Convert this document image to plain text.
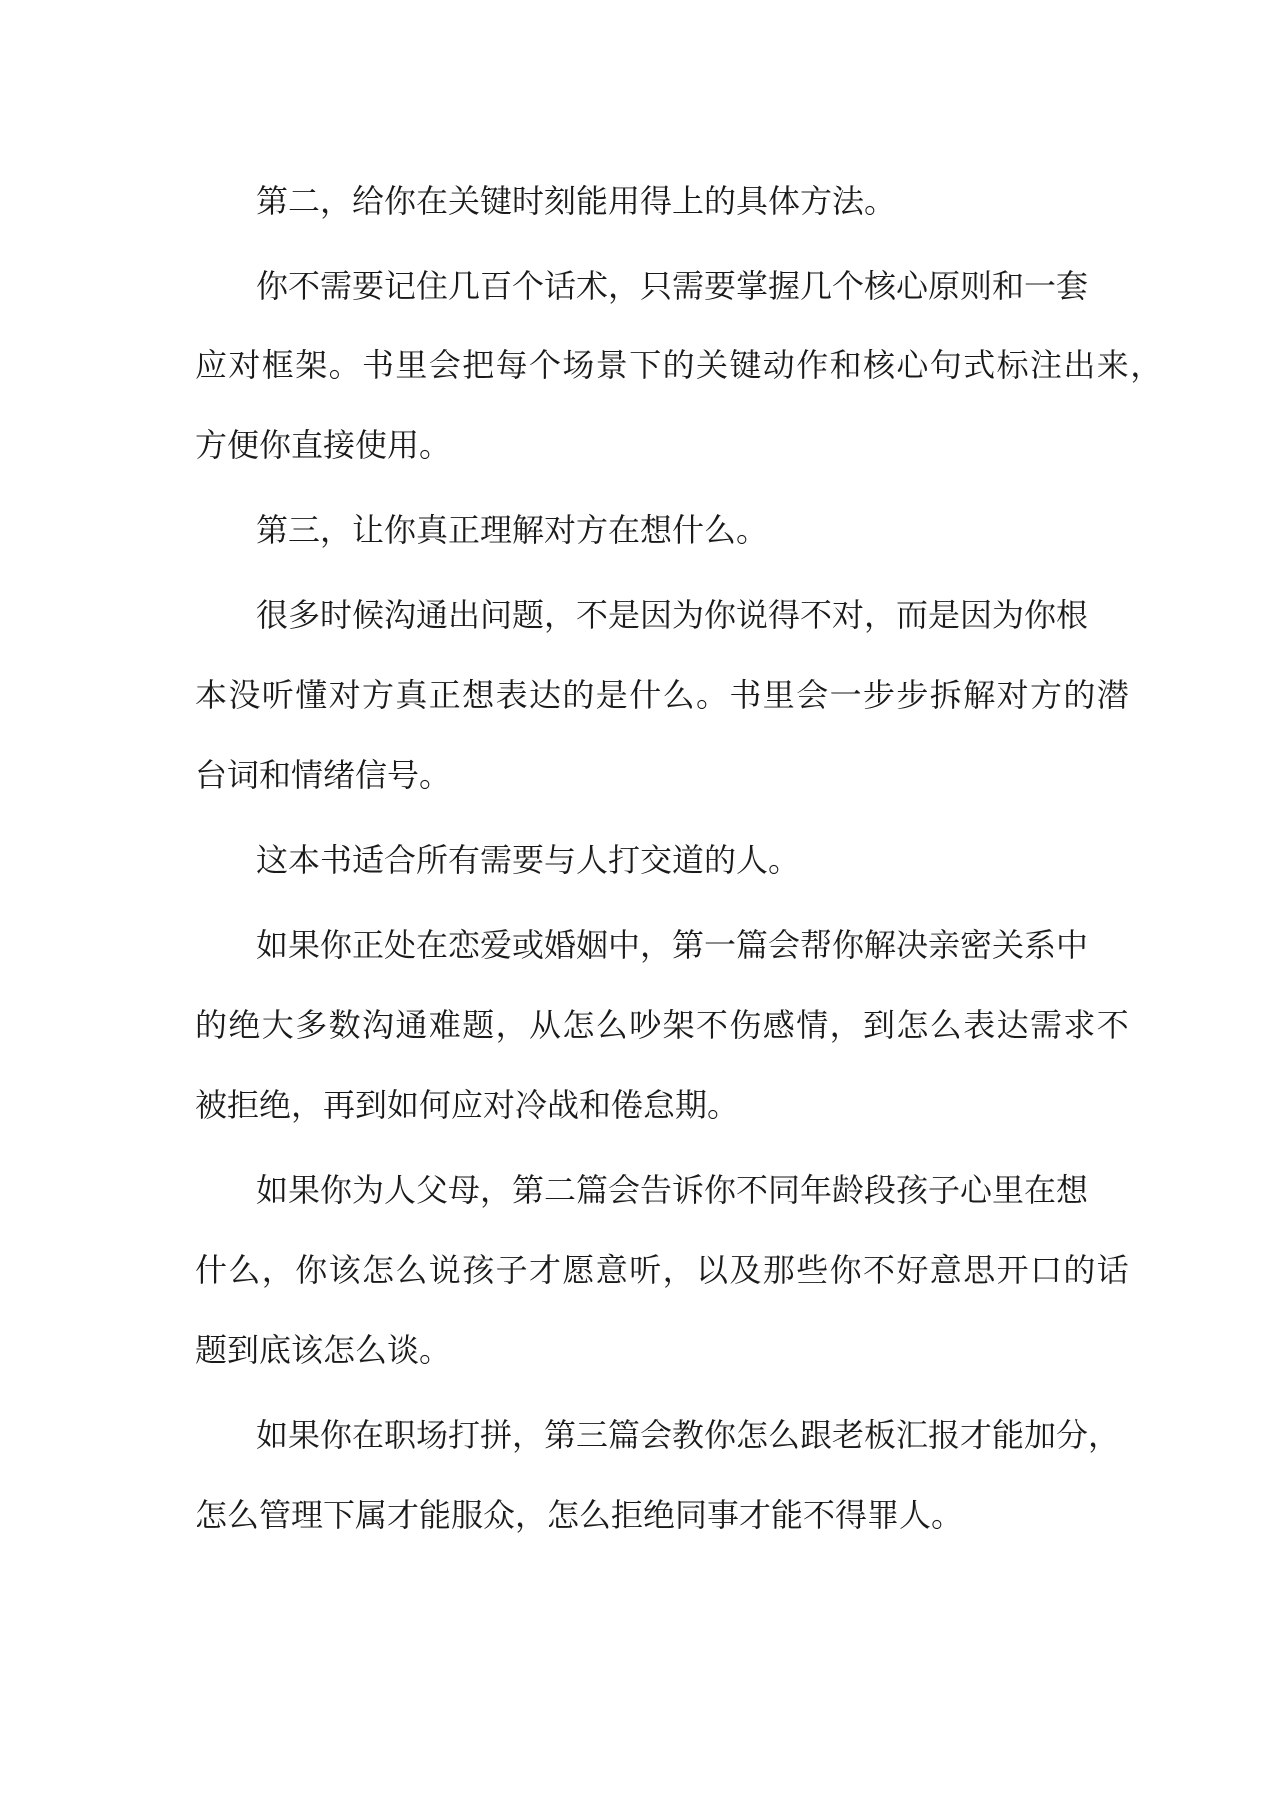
第二，给你在关键时刻能用得上的具体方法。

你不需要记住几百个话术，只需要掌握几个核心原则和一套

应对框架。书里会把每个场景下的关键动作和核心句式标注出来，

方便你直接使用。

第三，让你真正理解对方在想什么。

很多时候沟通出问题，不是因为你说得不对，而是因为你根

本没听懂对方真正想表达的是什么。书里会一步步拆解对方的潜

台词和情绪信号。

这本书适合所有需要与人打交道的人。

如果你正处在恋爱或婚姻中，第一篇会帮你解决亲密关系中

的绝大多数沟通难题，从怎么吵架不伤感情，到怎么表达需求不

被拒绝，再到如何应对冷战和倦怠期。

如果你为人父母，第二篇会告诉你不同年龄段孩子心里在想

什么，你该怎么说孩子才愿意听，以及那些你不好意思开口的话

题到底该怎么谈。

如果你在职场打拼，第三篇会教你怎么跟老板汇报才能加分，

怎么管理下属才能服众，怎么拒绝同事才能不得罪人。
